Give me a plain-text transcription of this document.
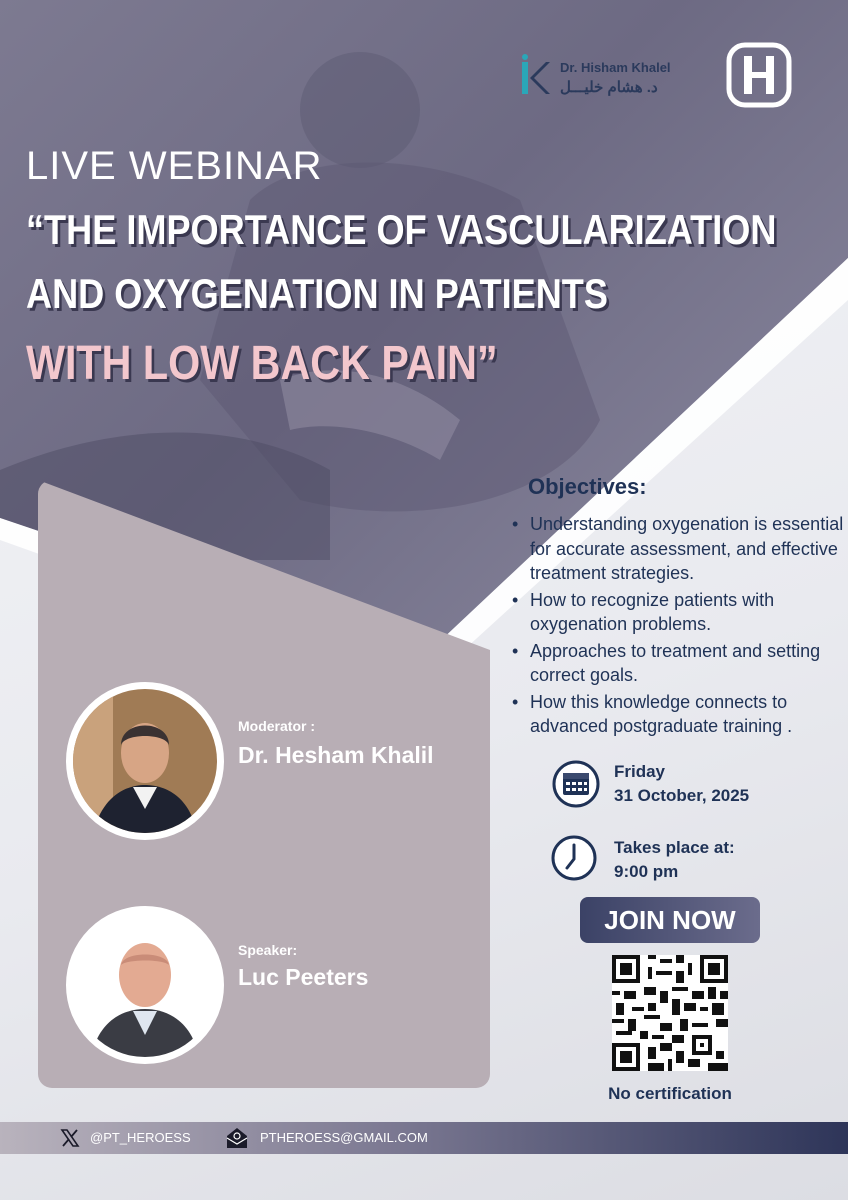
Dr. Hisham Khalel
د. هشام خليـــل
LIVE WEBINAR
“THE IMPORTANCE OF VASCULARIZATION
AND OXYGENATION IN PATIENTS
WITH LOW BACK PAIN”
Objectives:
• Understanding oxygenation is essential for accurate assessment, and effective treatment strategies.
• How to recognize patients with oxygenation problems.
• Approaches to treatment and setting correct goals.
• How this knowledge connects to advanced postgraduate training .
Friday
31 October, 2025
Takes place at:
9:00 pm
JOIN NOW
No certification
Moderator :
Dr. Hesham Khalil
Speaker:
Luc Peeters
@PT_HEROESS	PTHEROESS@GMAIL.COM
